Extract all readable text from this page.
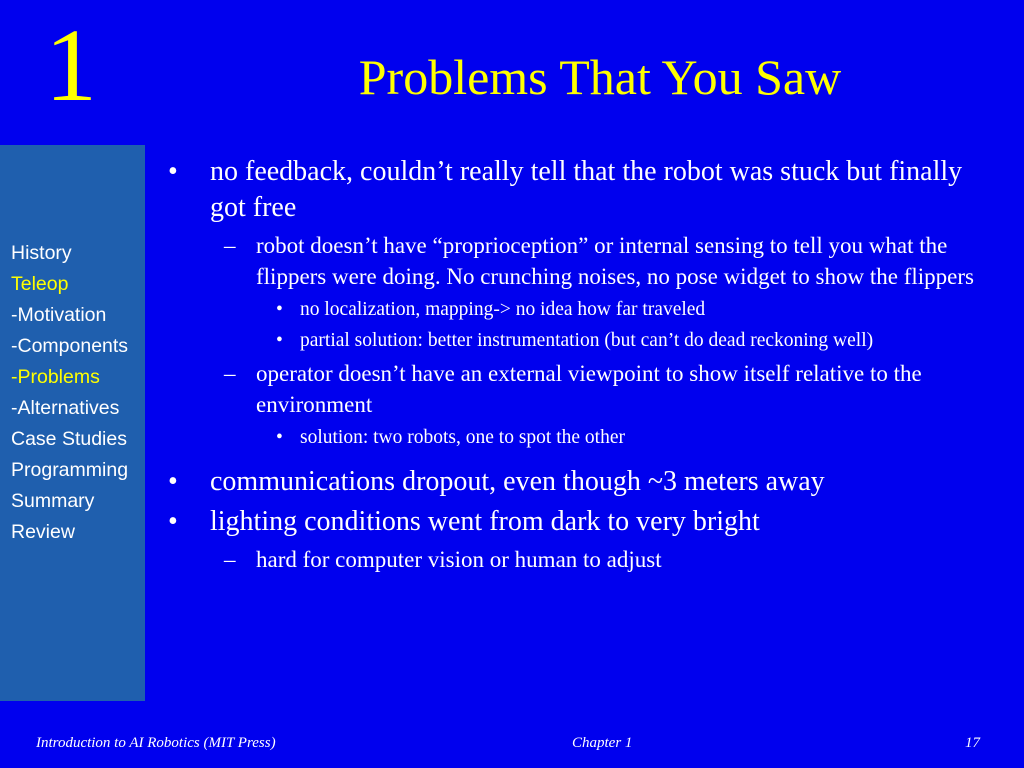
1	Problems That You Saw
History
Teleop
-Motivation
-Components
-Problems
-Alternatives
Case Studies
Programming
Summary
Review
• no feedback, couldn’t really tell that the robot was stuck but finally got free
– robot doesn’t have “proprioception” or internal sensing to tell you what the flippers were doing. No crunching noises, no pose widget to show the flippers
• no localization, mapping-> no idea how far traveled
• partial solution: better instrumentation (but can’t do dead reckoning well)
– operator doesn’t have an external viewpoint to show itself relative to the environment
• solution: two robots, one to spot the other
• communications dropout, even though ~3 meters away
• lighting conditions went from dark to very bright
– hard for computer vision or human to adjust
Introduction to AI Robotics (MIT Press)	Chapter 1	17
